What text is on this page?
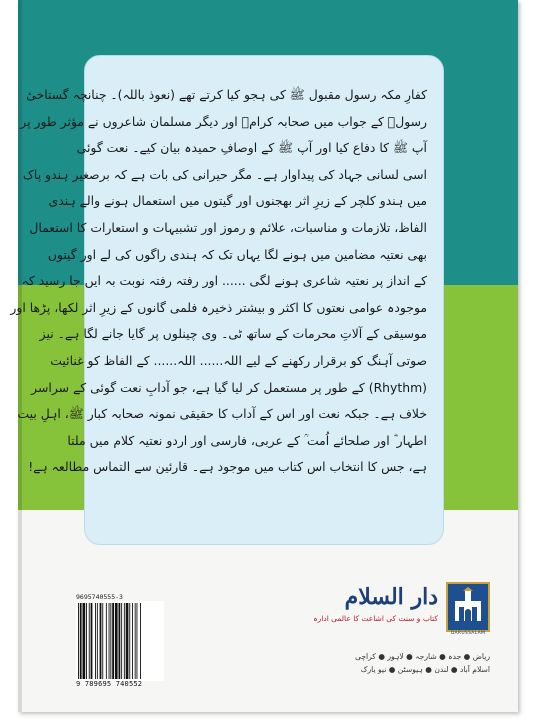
کفارِ مکہ رسول مقبول ﷺ کی ہجو کیا کرتے تھے (نعوذ باللہ)۔ چنانچہ گستاخیٔ
رسولؐ کے جواب میں صحابہ کرامؓ اور دیگر مسلمان شاعروں نے مؤثر طور پر
آپ ﷺ کا دفاع کیا اور آپ ﷺ کے اوصافِ حمیدہ بیان کیے۔ نعت گوئی
اسی لسانی جہاد کی پیداوار ہے۔ مگر حیرانی کی بات ہے کہ برصغیر ہندو پاک
میں ہندو کلچر کے زیرِ اثر بھجنوں اور گیتوں میں استعمال ہونے والے ہندی
الفاظ، تلازمات و مناسبات، علائم و رموز اور تشبیہات و استعارات کا استعمال
بھی نعتیہ مضامین میں ہونے لگا یہاں تک کہ ہندی راگوں کی لے اور گیتوں
کے انداز پر نعتیہ شاعری ہونے لگی ...... اور رفتہ رفتہ نوبت بہ ایں جا رسید کہ
موجودہ عوامی نعتوں کا اکثر و بیشتر ذخیرہ فلمی گانوں کے زیرِ اثر لکھا، پڑھا اور
موسیقی کے آلاتِ محرمات کے ساتھ ٹی۔ وی چینلوں پر گایا جانے لگا ہے۔ نیز
صوتی آہنگ کو برقرار رکھنے کے لیے اللہ...... اللہ...... کے الفاظ کو غنائیت
(Rhythm) کے طور پر مستعمل کر لیا گیا ہے، جو آدابِ نعت گوئی کے سراسر
خلاف ہے۔ جبکہ نعت اور اس کے آداب کا حقیقی نمونہ صحابہ کبار ﷺ، اہلِ بیت
اطہار ؓ اور صلحائے اُمت ؒ کے عربی، فارسی اور اردو نعتیہ کلام میں ملتا
ہے، جس کا انتخاب اس کتاب میں موجود ہے۔ قارئین سے التماس مطالعہ ہے!
DARUSSALAM
دار السلام
کتاب و سنت کی اشاعت کا عالمی ادارہ
ریاض ● جدہ ● شارجہ ● لاہور ● کراچی
اسلام آباد ● لندن ● ہیوسٹن ● نیو یارک
9695740555-3
9 789695 740552
